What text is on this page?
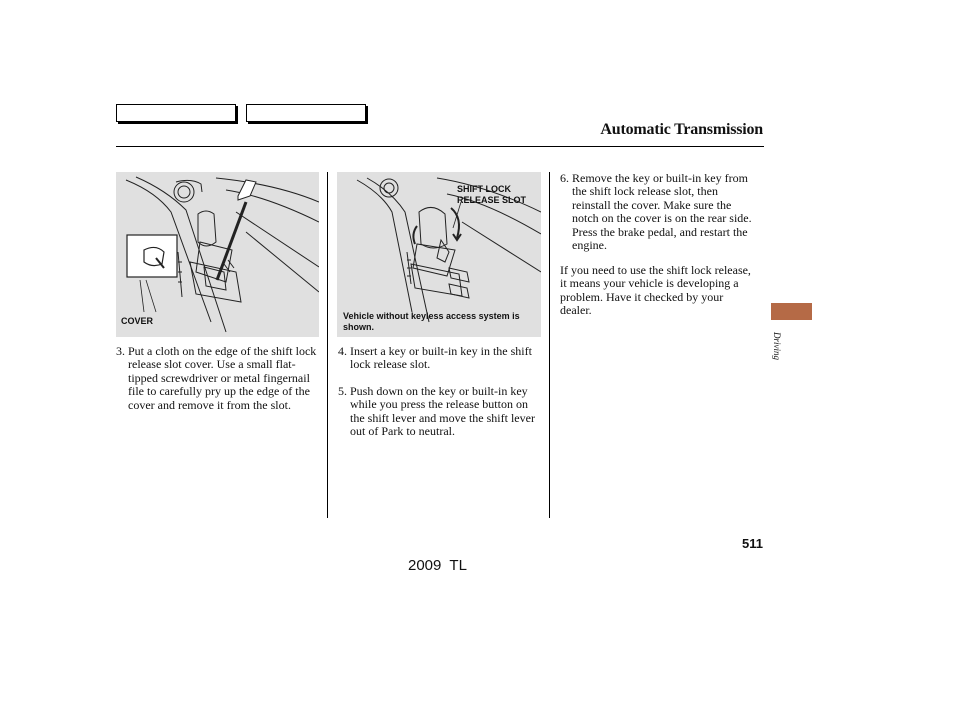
Automatic Transmission
COVER
SHIFT LOCK
RELEASE SLOT
Vehicle without keyless access system is shown.
3. Put a cloth on the edge of the shift lock release slot cover. Use a small flat-tipped screwdriver or metal fingernail file to carefully pry up the edge of the cover and remove it from the slot.
4. Insert a key or built-in key in the shift lock release slot.
5. Push down on the key or built-in key while you press the release button on the shift lever and move the shift lever out of Park to neutral.
6. Remove the key or built-in key from the shift lock release slot, then reinstall the cover. Make sure the notch on the cover is on the rear side. Press the brake pedal, and restart the engine.

If you need to use the shift lock release, it means your vehicle is developing a problem. Have it checked by your dealer.

Driving
511
2009  TL
